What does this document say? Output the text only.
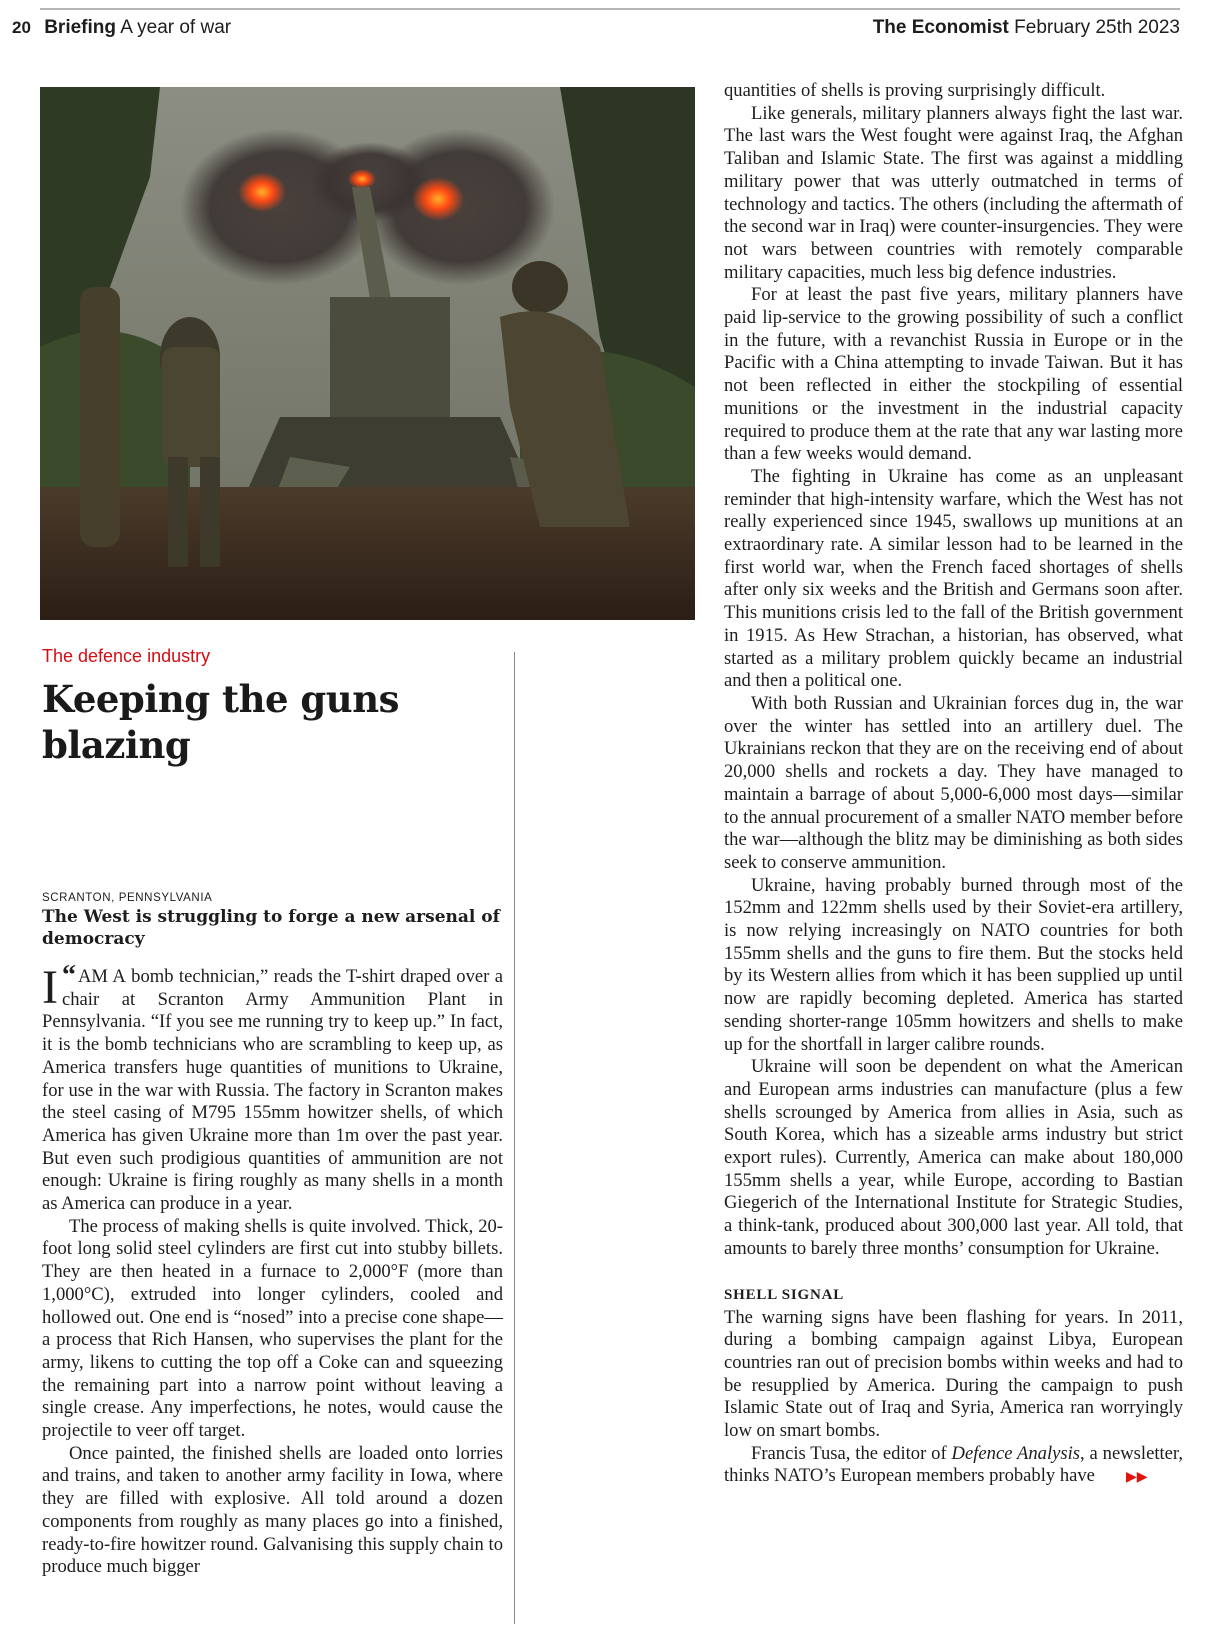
20 Briefing A year of war	The Economist February 25th 2023
The defence industry
Keeping the guns blazing
SCRANTON, PENNSYLVANIA
The West is struggling to forge a new arsenal of democracy

“
I AM A bomb technician,” reads the T-shirt draped over a chair at Scranton Army Ammunition Plant in Pennsylvania. “If you see me running try to keep up.” In fact, it is the bomb technicians who are scrambling to keep up, as America transfers huge quantities of munitions to Ukraine, for use in the war with Russia. The factory in Scranton makes the steel casing of M795 155mm howitzer shells, of which America has given Ukraine more than 1m over the past year. But even such prodigious quantities of ammunition are not enough: Ukraine is firing roughly as many shells in a month as America can produce in a year.

The process of making shells is quite involved. Thick, 20-foot long solid steel cylinders are first cut into stubby billets. They are then heated in a furnace to 2,000°F (more than 1,000°C), extruded into longer cylinders, cooled and hollowed out. One end is “nosed” into a precise cone shape—a process that Rich Hansen, who supervises the plant for the army, likens to cutting the top off a Coke can and squeezing the remaining part into a narrow point without leaving a single crease. Any imperfections, he notes, would cause the projectile to veer off target.

Once painted, the finished shells are loaded onto lorries and trains, and taken to another army facility in Iowa, where they are filled with explosive. All told around a dozen components from roughly as many places go into a finished, ready-to-fire howitzer round. Galvanising this supply chain to produce much bigger

quantities of shells is proving surprisingly difficult.

Like generals, military planners always fight the last war. The last wars the West fought were against Iraq, the Afghan Taliban and Islamic State. The first was against a middling military power that was utterly outmatched in terms of technology and tactics. The others (including the aftermath of the second war in Iraq) were counter-insurgencies. They were not wars between countries with remotely comparable military capacities, much less big defence industries.

For at least the past five years, military planners have paid lip-service to the growing possibility of such a conflict in the future, with a revanchist Russia in Europe or in the Pacific with a China attempting to invade Taiwan. But it has not been reflected in either the stockpiling of essential munitions or the investment in the industrial capacity required to produce them at the rate that any war lasting more than a few weeks would demand.

The fighting in Ukraine has come as an unpleasant reminder that high-intensity warfare, which the West has not really experienced since 1945, swallows up munitions at an extraordinary rate. A similar lesson had to be learned in the first world war, when the French faced shortages of shells after only six weeks and the British and Germans soon after. This munitions crisis led to the fall of the British government in 1915. As Hew Strachan, a historian, has observed, what started as a military problem quickly became an industrial and then a political one.

With both Russian and Ukrainian forces dug in, the war over the winter has settled into an artillery duel. The Ukrainians reckon that they are on the receiving end of about 20,000 shells and rockets a day. They have managed to maintain a barrage of about 5,000-6,000 most days—similar to the annual procurement of a smaller NATO member before the war—although the blitz may be diminishing as both sides seek to conserve ammunition.

Ukraine, having probably burned through most of the 152mm and 122mm shells used by their Soviet-era artillery, is now relying increasingly on NATO countries for both 155mm shells and the guns to fire them. But the stocks held by its Western allies from which it has been supplied up until now are rapidly becoming depleted. America has started sending shorter-range 105mm howitzers and shells to make up for the shortfall in larger calibre rounds.

Ukraine will soon be dependent on what the American and European arms industries can manufacture (plus a few shells scrounged by America from allies in Asia, such as South Korea, which has a sizeable arms industry but strict export rules). Currently, America can make about 180,000 155mm shells a year, while Europe, according to Bastian Giegerich of the International Institute for Strategic Studies, a think-tank, produced about 300,000 last year. All told, that amounts to barely three months’ consumption for Ukraine.

SHELL SIGNAL

The warning signs have been flashing for years. In 2011, during a bombing campaign against Libya, European countries ran out of precision bombs within weeks and had to be resupplied by America. During the campaign to push Islamic State out of Iraq and Syria, America ran worryingly low on smart bombs.

Francis Tusa, the editor of Defence Analysis, a newsletter, thinks NATO’s European members probably have ▶▶
